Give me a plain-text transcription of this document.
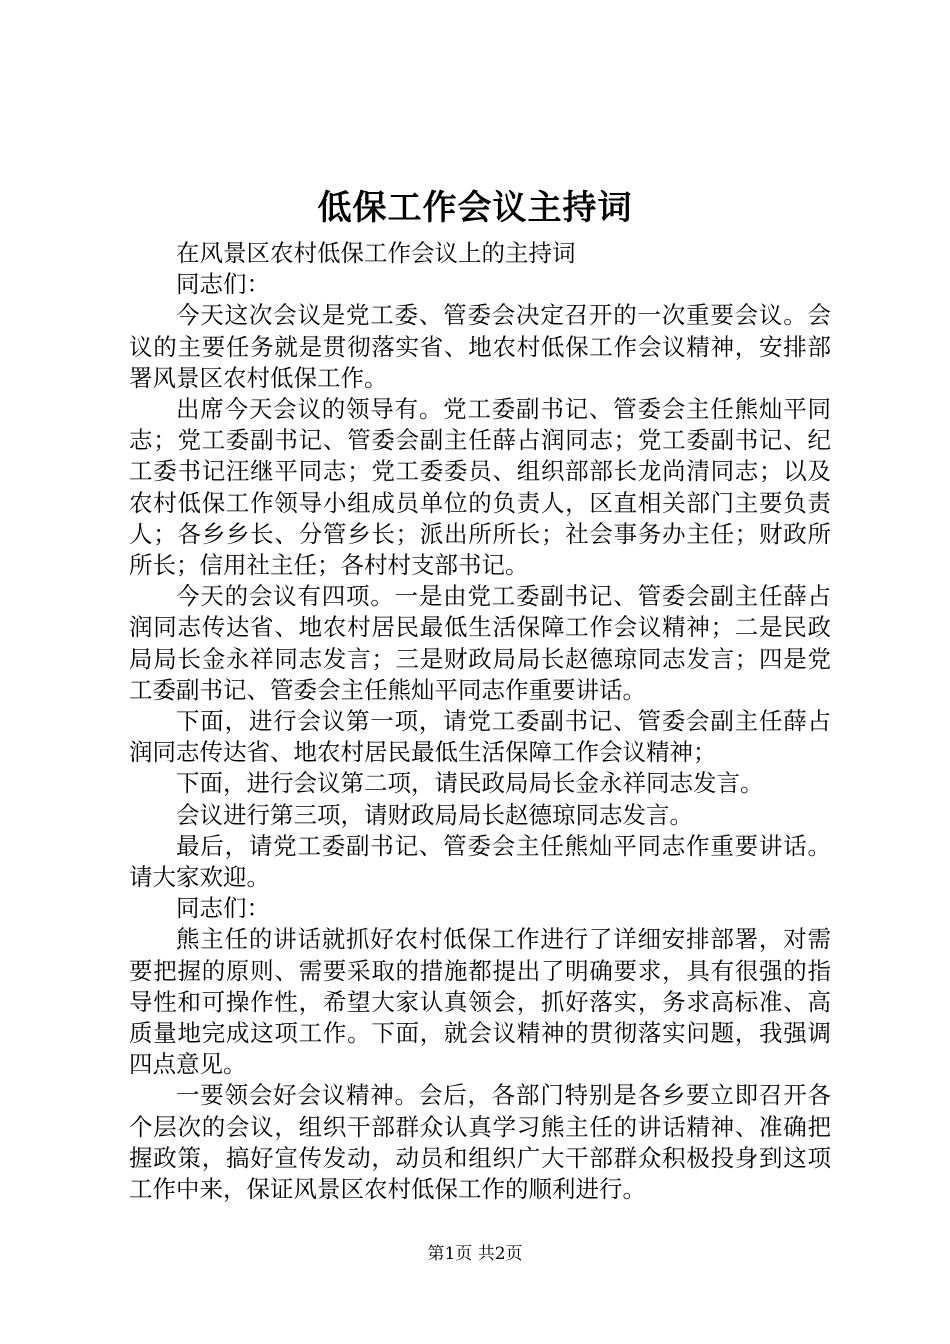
低保工作会议主持词

在风景区农村低保工作会议上的主持词

同志们：

今天这次会议是党工委、管委会决定召开的一次重要会议。会议的主要任务就是贯彻落实省、地农村低保工作会议精神，安排部署风景区农村低保工作。

出席今天会议的领导有。党工委副书记、管委会主任熊灿平同志；党工委副书记、管委会副主任薛占润同志；党工委副书记、纪工委书记汪继平同志；党工委委员、组织部部长龙尚清同志；以及农村低保工作领导小组成员单位的负责人，区直相关部门主要负责人；各乡乡长、分管乡长；派出所所长；社会事务办主任；财政所所长；信用社主任；各村村支部书记。

今天的会议有四项。一是由党工委副书记、管委会副主任薛占润同志传达省、地农村居民最低生活保障工作会议精神；二是民政局局长金永祥同志发言；三是财政局局长赵德琼同志发言；四是党工委副书记、管委会主任熊灿平同志作重要讲话。

下面，进行会议第一项，请党工委副书记、管委会副主任薛占润同志传达省、地农村居民最低生活保障工作会议精神；

下面，进行会议第二项，请民政局局长金永祥同志发言。

会议进行第三项，请财政局局长赵德琼同志发言。

最后，请党工委副书记、管委会主任熊灿平同志作重要讲话。请大家欢迎。

同志们：

熊主任的讲话就抓好农村低保工作进行了详细安排部署，对需要把握的原则、需要采取的措施都提出了明确要求，具有很强的指导性和可操作性，希望大家认真领会，抓好落实，务求高标准、高质量地完成这项工作。下面，就会议精神的贯彻落实问题，我强调四点意见。

一要领会好会议精神。会后，各部门特别是各乡要立即召开各个层次的会议，组织干部群众认真学习熊主任的讲话精神、准确把握政策，搞好宣传发动，动员和组织广大干部群众积极投身到这项工作中来，保证风景区农村低保工作的顺利进行。

第1页 共2页
